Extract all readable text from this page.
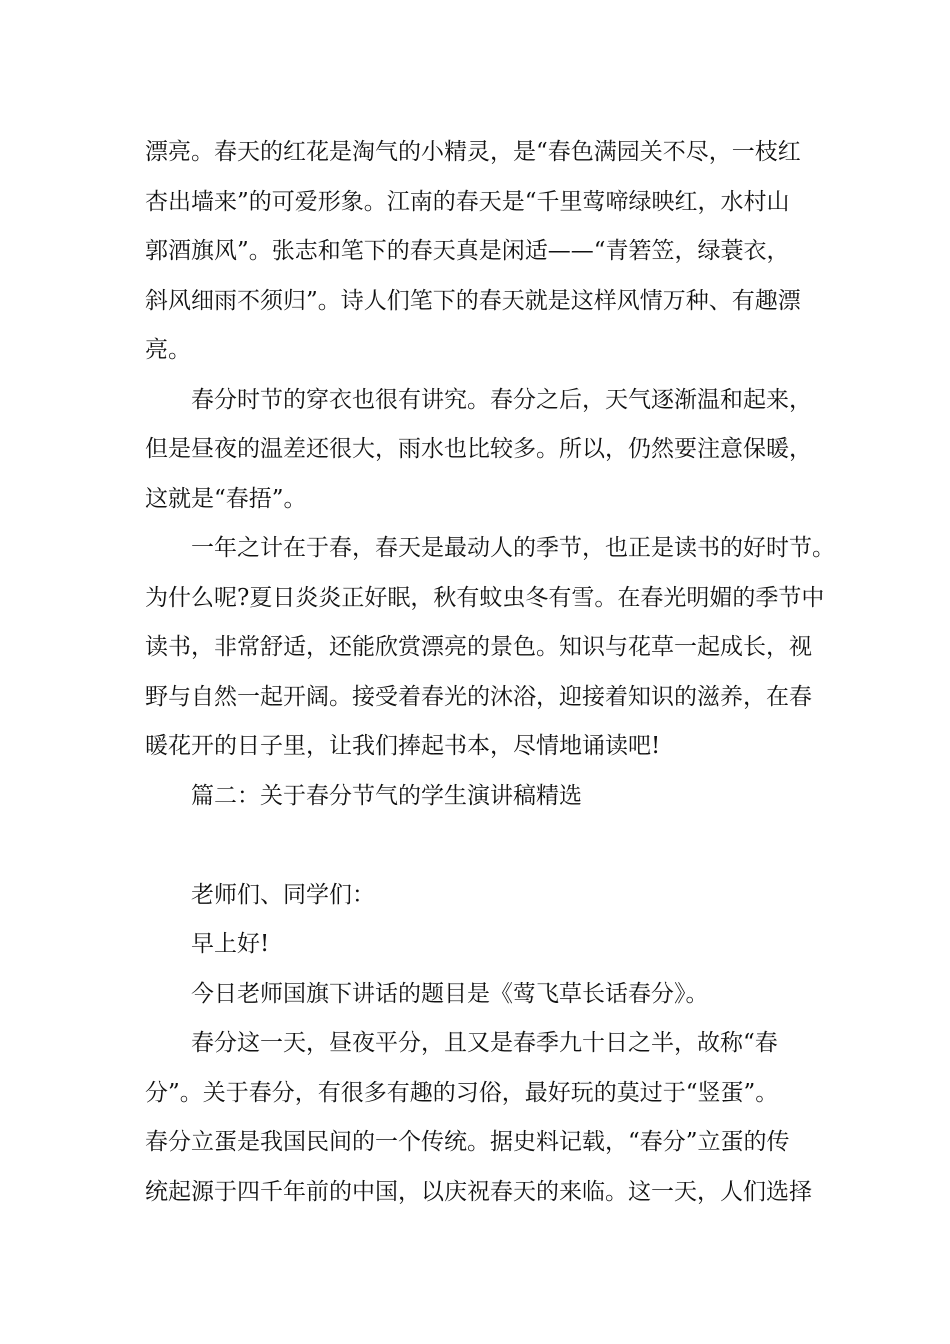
漂亮。春天的红花是淘气的小精灵，是“春色满园关不尽，一枝红

杏出墙来”的可爱形象。江南的春天是“千里莺啼绿映红，水村山

郭酒旗风”。张志和笔下的春天真是闲适——“青箬笠，绿蓑衣，

斜风细雨不须归”。诗人们笔下的春天就是这样风情万种、有趣漂

亮。

春分时节的穿衣也很有讲究。春分之后，天气逐渐温和起来，

但是昼夜的温差还很大，雨水也比较多。所以，仍然要注意保暖，

这就是“春捂”。

一年之计在于春，春天是最动人的季节，也正是读书的好时节。

为什么呢?夏日炎炎正好眠，秋有蚊虫冬有雪。在春光明媚的季节中

读书，非常舒适，还能欣赏漂亮的景色。知识与花草一起成长，视

野与自然一起开阔。接受着春光的沐浴，迎接着知识的滋养，在春

暖花开的日子里，让我们捧起书本，尽情地诵读吧!

篇二：关于春分节气的学生演讲稿精选

老师们、同学们：

早上好!

今日老师国旗下讲话的题目是《莺飞草长话春分》。

春分这一天，昼夜平分，且又是春季九十日之半，故称“春

分”。关于春分，有很多有趣的习俗，最好玩的莫过于“竖蛋”。

春分立蛋是我国民间的一个传统。据史料记载，“春分”立蛋的传

统起源于四千年前的中国，以庆祝春天的来临。这一天，人们选择
